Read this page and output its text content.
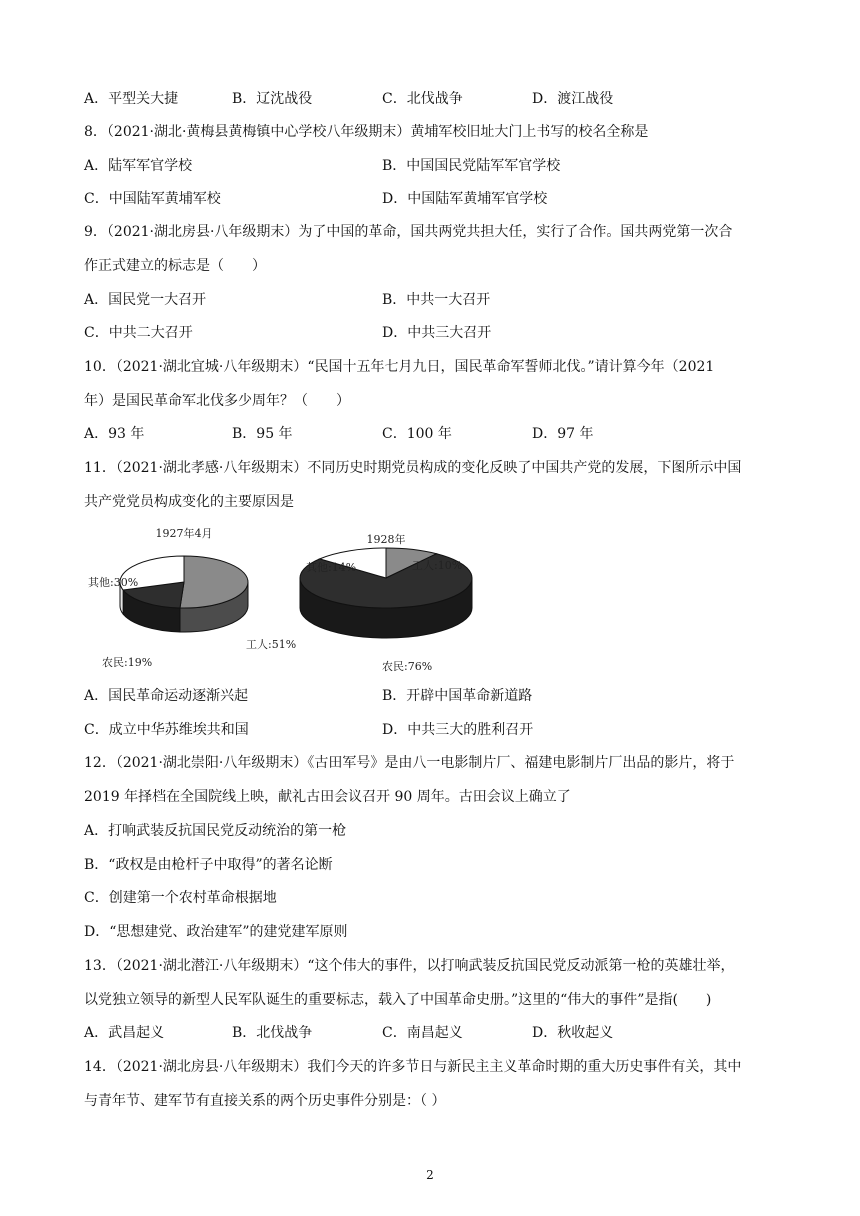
A．平型关大捷	B．辽沈战役	C．北伐战争	D．渡江战役
8．（2021·湖北·黄梅县黄梅镇中心学校八年级期末）黄埔军校旧址大门上书写的校名全称是
A．陆军军官学校	B．中国国民党陆军军官学校
C．中国陆军黄埔军校	D．中国陆军黄埔军官学校
9．（2021·湖北房县·八年级期末）为了中国的革命，国共两党共担大任，实行了合作。国共两党第一次合
作正式建立的标志是（　　）
A．国民党一大召开	B．中共一大召开
C．中共二大召开	D．中共三大召开
10．（2021·湖北宜城·八年级期末）“民国十五年七月九日，国民革命军誓师北伐。”请计算今年（2021
年）是国民革命军北伐多少周年？（　　）
A．93 年	B．95 年	C．100 年	D．97 年
11．（2021·湖北孝感·八年级期末）不同历史时期党员构成的变化反映了中国共产党的发展，下图所示中国
共产党党员构成变化的主要原因是
1927年4月
其他:30%
工人:51%
农民:19%
1928年
其他:14%	工人:10%
农民:76%
A．国民革命运动逐渐兴起	B．开辟中国革命新道路
C．成立中华苏维埃共和国	D．中共三大的胜利召开
12．（2021·湖北崇阳·八年级期末）《古田军号》是由八一电影制片厂、福建电影制片厂出品的影片，将于
2019 年择档在全国院线上映，献礼古田会议召开 90 周年。古田会议上确立了
A．打响武装反抗国民党反动统治的第一枪
B．“政权是由枪杆子中取得”的著名论断
C．创建第一个农村革命根据地
D．“思想建党、政治建军”的建党建军原则
13．（2021·湖北潜江·八年级期末）“这个伟大的事件，以打响武装反抗国民党反动派第一枪的英雄壮举，
以党独立领导的新型人民军队诞生的重要标志，载入了中国革命史册。”这里的“伟大的事件”是指(　　)
A．武昌起义	B．北伐战争	C．南昌起义	D．秋收起义
14．（2021·湖北房县·八年级期末）我们今天的许多节日与新民主主义革命时期的重大历史事件有关，其中
与青年节、建军节有直接关系的两个历史事件分别是：（ ）
2
